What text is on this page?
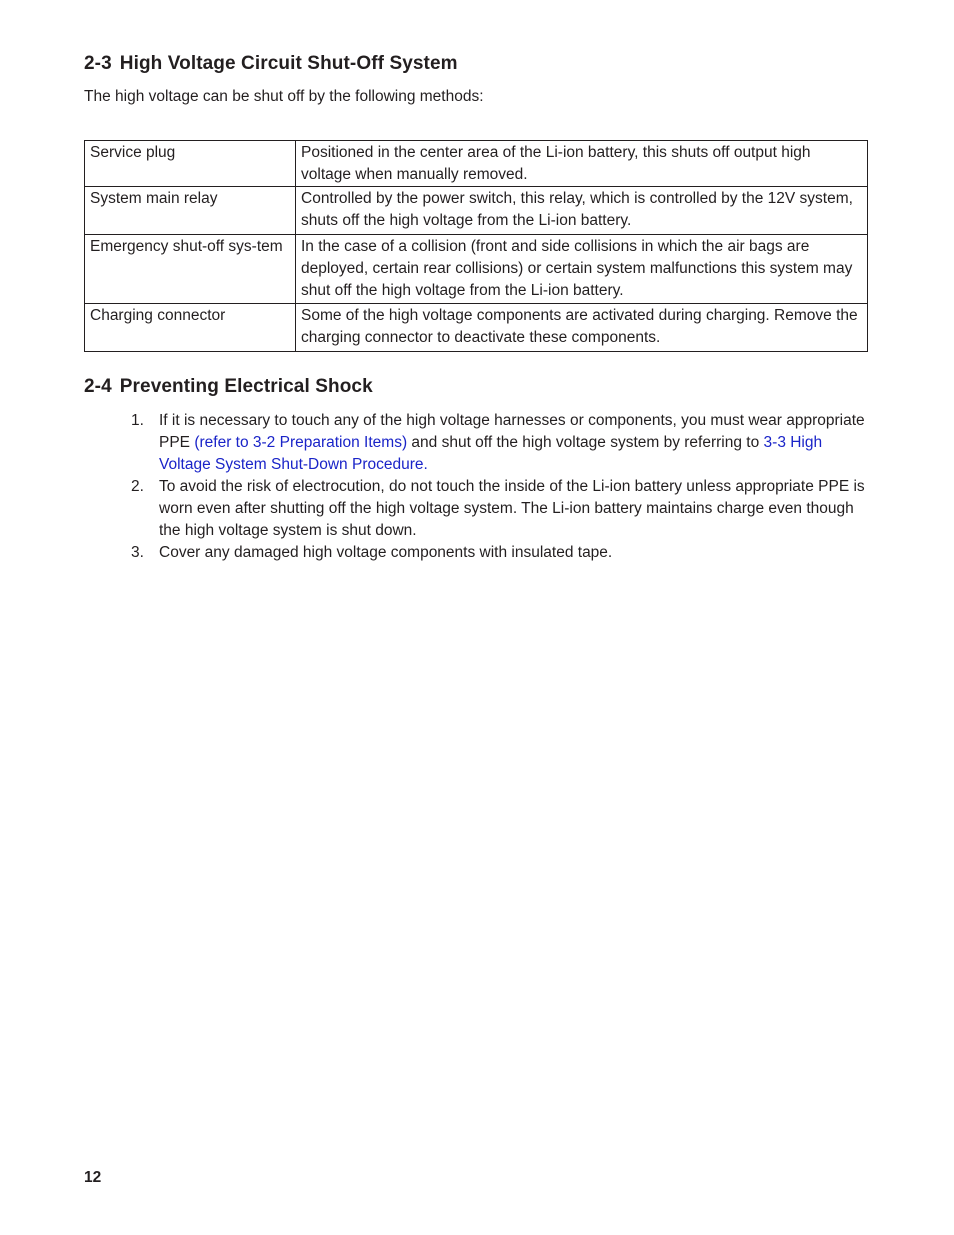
2-3 High Voltage Circuit Shut-Off System

The high voltage can be shut off by the following methods:

Service plug	Positioned in the center area of the Li-ion battery, this shuts off output high voltage when manually removed.
System main relay	Controlled by the power switch, this relay, which is controlled by the 12V system, shuts off the high voltage from the Li-ion battery.
Emergency shut-off sys-tem	In the case of a collision (front and side collisions in which the air bags are deployed, certain rear collisions) or certain system malfunctions this system may shut off the high voltage from the Li-ion battery.
Charging connector	Some of the high voltage components are activated during charging. Remove the charging connector to deactivate these components.
2-4 Preventing Electrical Shock
1. If it is necessary to touch any of the high voltage harnesses or components, you must wear appropriate PPE (refer to 3-2 Preparation Items) and shut off the high voltage system by referring to 3-3 High Voltage System Shut-Down Procedure.
2. To avoid the risk of electrocution, do not touch the inside of the Li-ion battery unless appropriate PPE is worn even after shutting off the high voltage system. The Li-ion battery maintains charge even though the high voltage system is shut down.
3. Cover any damaged high voltage components with insulated tape.

12
